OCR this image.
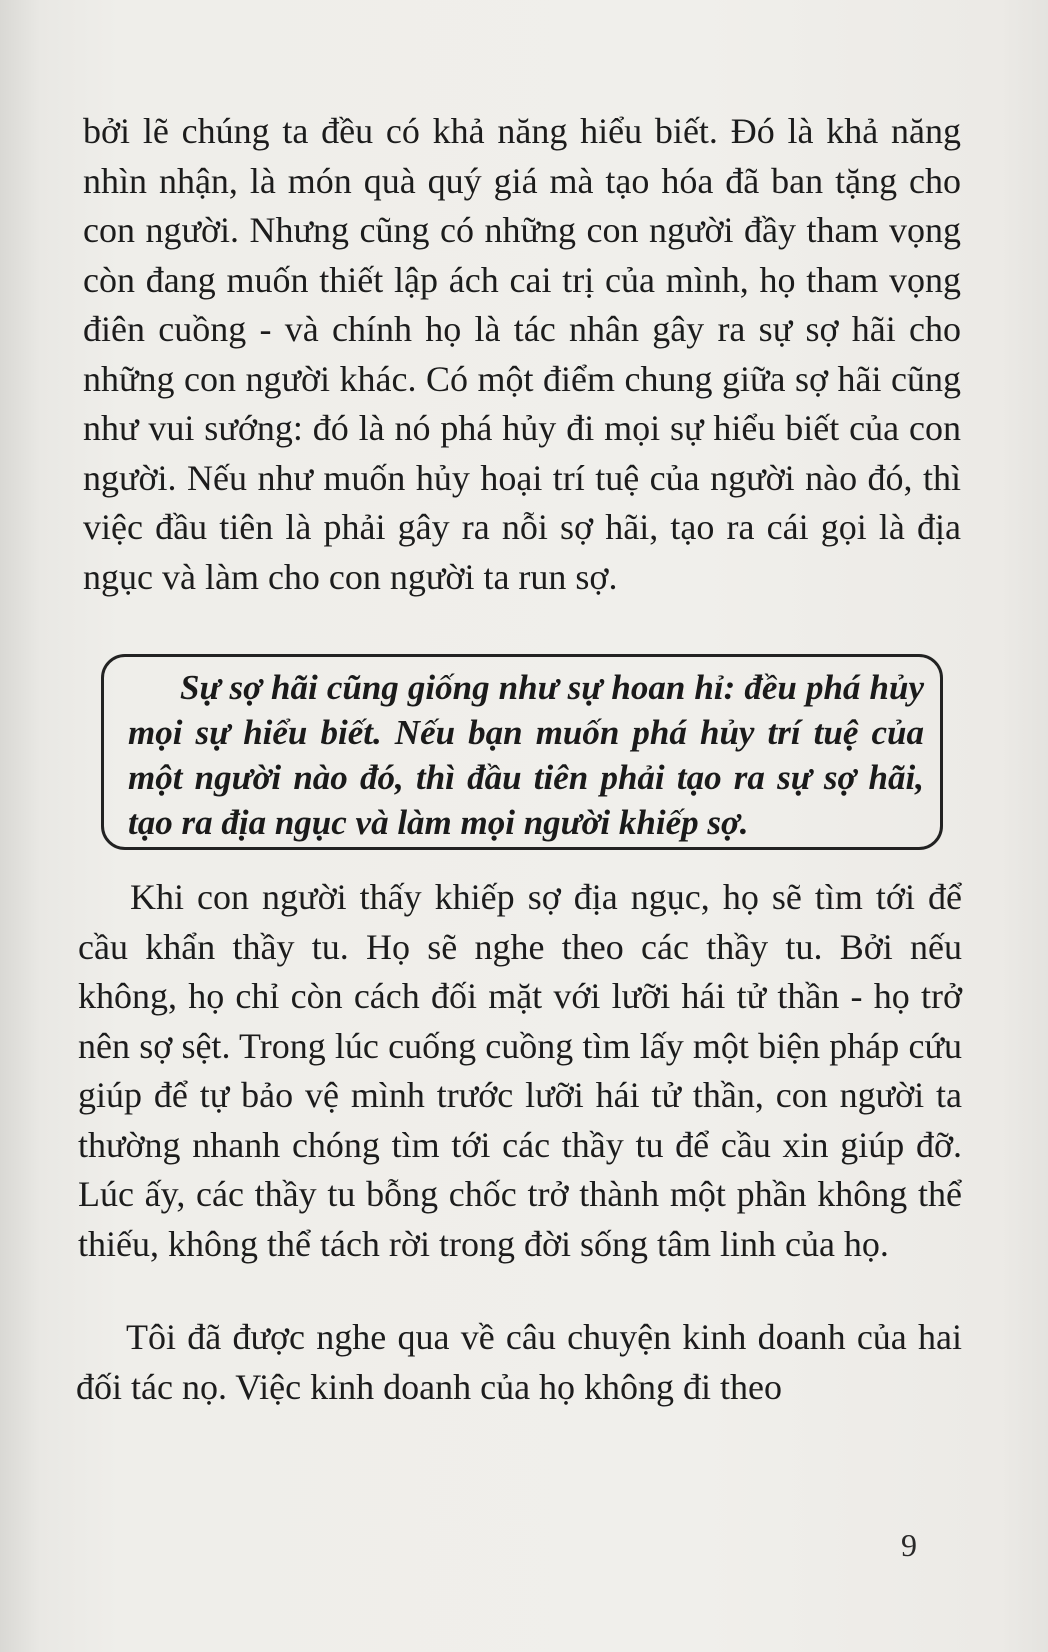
bởi lẽ chúng ta đều có khả năng hiểu biết. Đó là khả năng nhìn nhận, là món quà quý giá mà tạo hóa đã ban tặng cho con người. Nhưng cũng có những con người đầy tham vọng còn đang muốn thiết lập ách cai trị của mình, họ tham vọng điên cuồng - và chính họ là tác nhân gây ra sự sợ hãi cho những con người khác. Có một điểm chung giữa sợ hãi cũng như vui sướng: đó là nó phá hủy đi mọi sự hiểu biết của con người. Nếu như muốn hủy hoại trí tuệ của người nào đó, thì việc đầu tiên là phải gây ra nỗi sợ hãi, tạo ra cái gọi là địa ngục và làm cho con người ta run sợ.

Sự sợ hãi cũng giống như sự hoan hỉ: đều phá hủy mọi sự hiểu biết. Nếu bạn muốn phá hủy trí tuệ của một người nào đó, thì đầu tiên phải tạo ra sự sợ hãi, tạo ra địa ngục và làm mọi người khiếp sợ.

Khi con người thấy khiếp sợ địa ngục, họ sẽ tìm tới để cầu khẩn thầy tu. Họ sẽ nghe theo các thầy tu. Bởi nếu không, họ chỉ còn cách đối mặt với lưỡi hái tử thần - họ trở nên sợ sệt. Trong lúc cuống cuồng tìm lấy một biện pháp cứu giúp để tự bảo vệ mình trước lưỡi hái tử thần, con người ta thường nhanh chóng tìm tới các thầy tu để cầu xin giúp đỡ. Lúc ấy, các thầy tu bỗng chốc trở thành một phần không thể thiếu, không thể tách rời trong đời sống tâm linh của họ.

Tôi đã được nghe qua về câu chuyện kinh doanh của hai đối tác nọ. Việc kinh doanh của họ không đi theo

9
